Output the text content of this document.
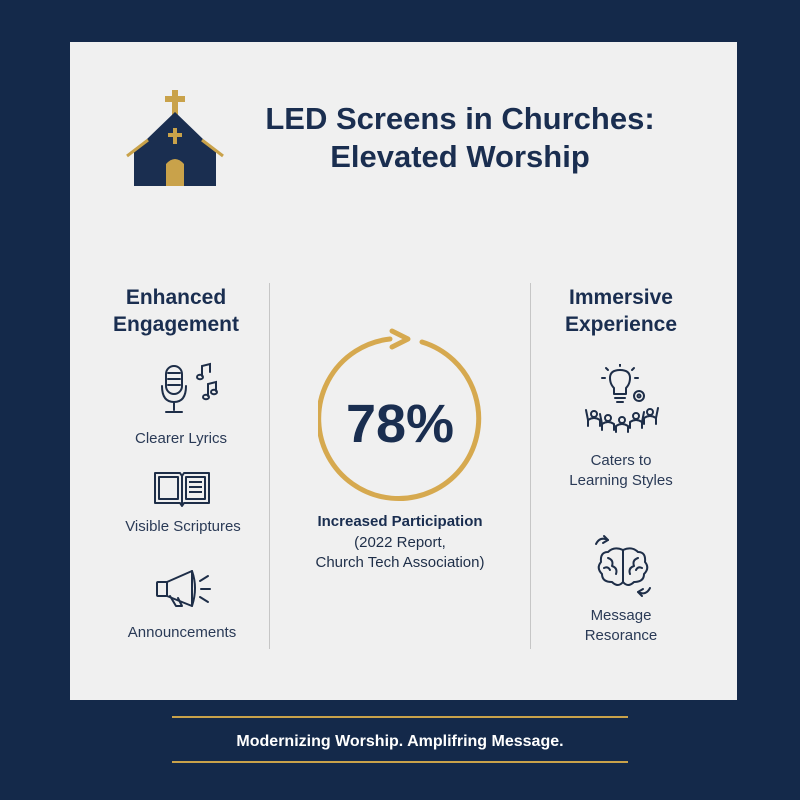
LED Screens in Churches:
Elevated Worship
Enhanced
Engagement
Clearer Lyrics
Visible Scriptures
Announcements
78%
Increased Participation
(2022 Report,
Church Tech Association)
Immersive
Experience
Caters to
Learning Styles
Message
Resorance
Modernizing Worship. Amplifring Message.
